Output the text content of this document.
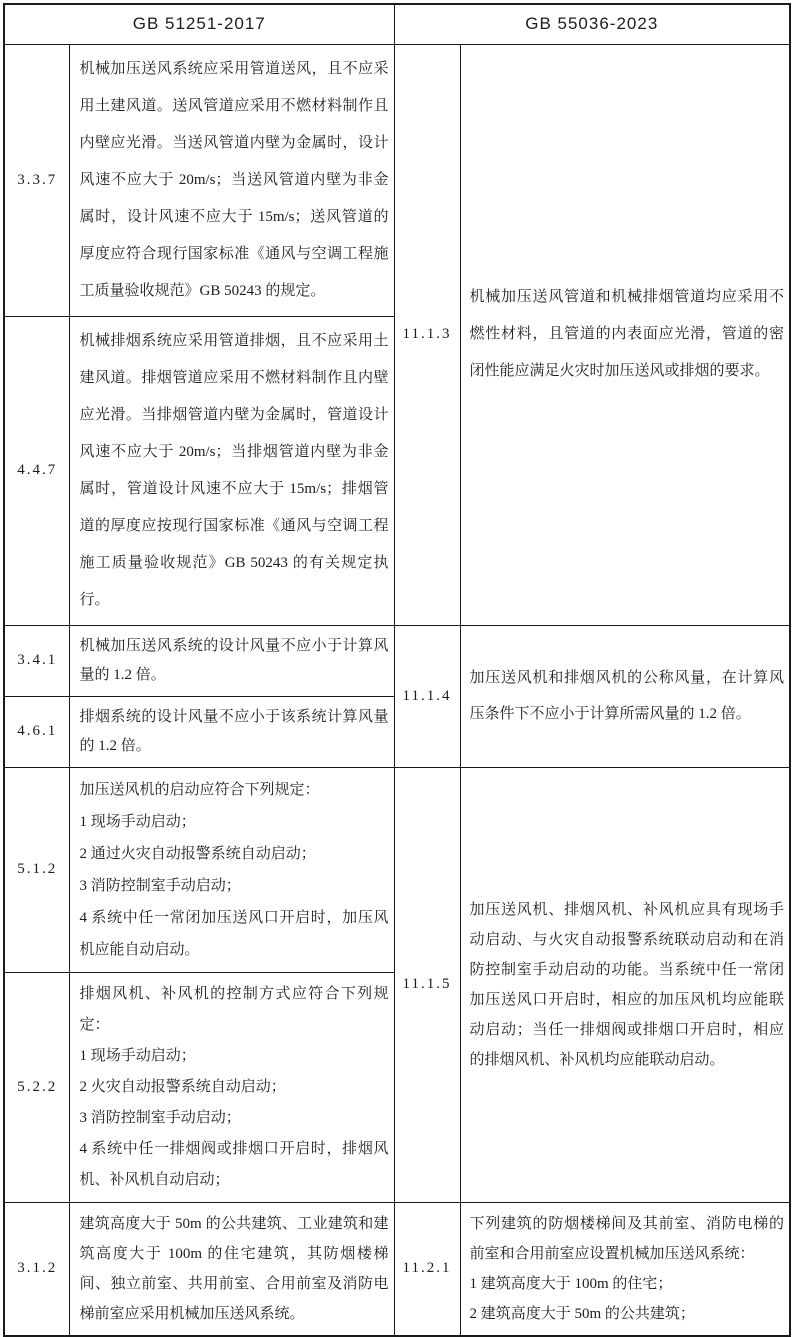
GB 51251-2017		GB 55036-2023	
3.3.7	机械加压送风系统应采用管道送风，且不应采用土建风道。送风管道应采用不燃材料制作且内壁应光滑。当送风管道内壁为金属时，设计风速不应大于 20m/s；当送风管道内壁为非金属时，设计风速不应大于 15m/s；送风管道的厚度应符合现行国家标准《通风与空调工程施工质量验收规范》GB 50243 的规定。	11.1.3	机械加压送风管道和机械排烟管道均应采用不燃性材料，且管道的内表面应光滑，管道的密闭性能应满足火灾时加压送风或排烟的要求。

4.4.7	机械排烟系统应采用管道排烟，且不应采用土建风道。排烟管道应采用不燃材料制作且内壁应光滑。当排烟管道内壁为金属时，管道设计风速不应大于 20m/s；当排烟管道内壁为非金属时，管道设计风速不应大于 15m/s；排烟管道的厚度应按现行国家标准《通风与空调工程施工质量验收规范》GB 50243 的有关规定执行。		

3.4.1	机械加压送风系统的设计风量不应小于计算风量的 1.2 倍。	11.1.4	加压送风机和排烟风机的公称风量，在计算风压条件下不应小于计算所需风量的 1.2 倍。

4.6.1	排烟系统的设计风量不应小于该系统计算风量的 1.2 倍。		

5.1.2	加压送风机的启动应符合下列规定：
1 现场手动启动；
2 通过火灾自动报警系统自动启动；
3 消防控制室手动启动；
4 系统中任一常闭加压送风口开启时，加压风机应能自动启动。	11.1.5	加压送风机、排烟风机、补风机应具有现场手动启动、与火灾自动报警系统联动启动和在消防控制室手动启动的功能。当系统中任一常闭加压送风口开启时，相应的加压风机均应能联动启动；当任一排烟阀或排烟口开启时，相应的排烟风机、补风机均应能联动启动。

5.2.2	排烟风机、补风机的控制方式应符合下列规定：
1 现场手动启动；
2 火灾自动报警系统自动启动；
3 消防控制室手动启动；
4 系统中任一排烟阀或排烟口开启时，排烟风机、补风机自动启动；		

3.1.2	建筑高度大于 50m 的公共建筑、工业建筑和建筑高度大于 100m 的住宅建筑，其防烟楼梯间、独立前室、共用前室、合用前室及消防电梯前室应采用机械加压送风系统。	11.2.1	下列建筑的防烟楼梯间及其前室、消防电梯的前室和合用前室应设置机械加压送风系统：
1 建筑高度大于 100m 的住宅；
2 建筑高度大于 50m 的公共建筑；
